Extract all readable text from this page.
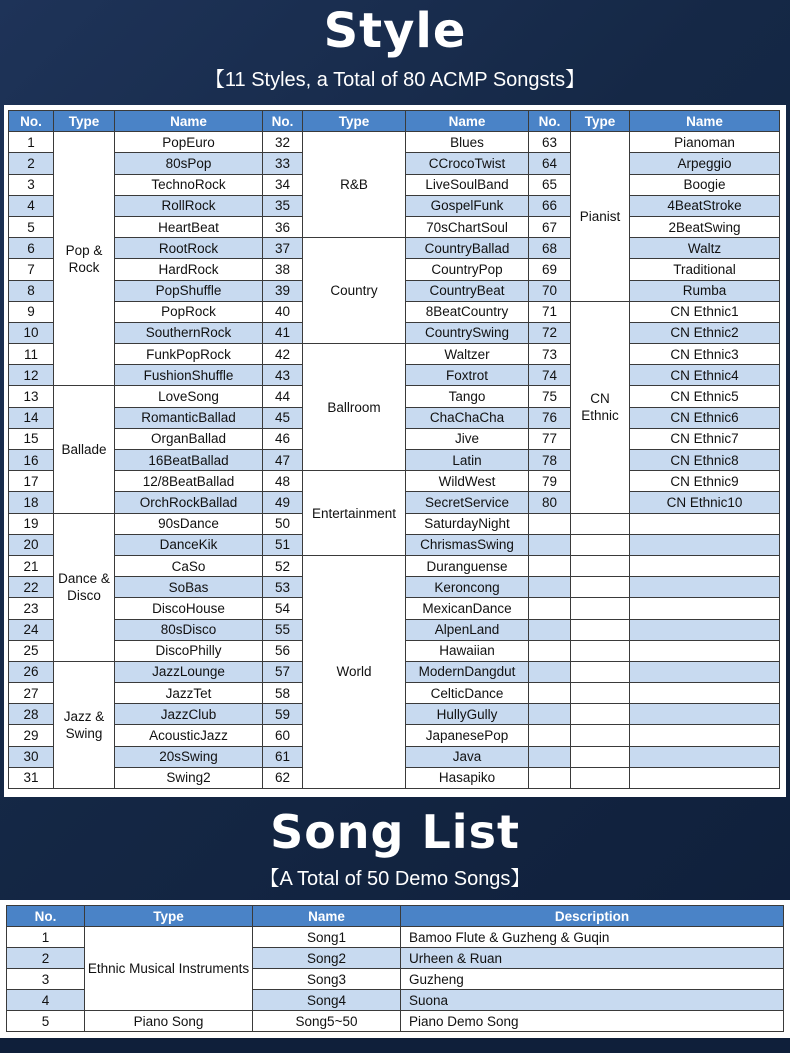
Style
【11 Styles, a Total of 80 ACMP Songsts】
No.	Type	Name	No.	Type	Name	No.	Type	Name
1	Pop & Rock	PopEuro	32	R&B	Blues	63	Pianist	Pianoman
2		80sPop	33		CCrocoTwist	64		Arpeggio
3		TechnoRock	34		LiveSoulBand	65		Boogie
4		RollRock	35		GospelFunk	66		4BeatStroke
5		HeartBeat	36		70sChartSoul	67		2BeatSwing
6		RootRock	37	Country	CountryBallad	68		Waltz
7		HardRock	38		CountryPop	69		Traditional
8		PopShuffle	39		CountryBeat	70		Rumba
9		PopRock	40		8BeatCountry	71	CN Ethnic	CN Ethnic1
10		SouthernRock	41		CountrySwing	72		CN Ethnic2
11		FunkPopRock	42	Ballroom	Waltzer	73		CN Ethnic3
12		FushionShuffle	43		Foxtrot	74		CN Ethnic4
13	Ballade	LoveSong	44		Tango	75		CN Ethnic5
14		RomanticBallad	45		ChaChaCha	76		CN Ethnic6
15		OrganBallad	46		Jive	77		CN Ethnic7
16		16BeatBallad	47		Latin	78		CN Ethnic8
17		12/8BeatBallad	48	Entertainment	WildWest	79		CN Ethnic9
18		OrchRockBallad	49		SecretService	80		CN Ethnic10
19	Dance & Disco	90sDance	50		SaturdayNight			
20		DanceKik	51		ChrismasSwing			
21		CaSo	52	World	Duranguense			
22		SoBas	53		Keroncong			
23		DiscoHouse	54		MexicanDance			
24		80sDisco	55		AlpenLand			
25		DiscoPhilly	56		Hawaiian			
26	Jazz & Swing	JazzLounge	57		ModernDangdut			
27		JazzTet	58		CelticDance			
28		JazzClub	59		HullyGully			
29		AcousticJazz	60		JapanesePop			
30		20sSwing	61		Java			
31		Swing2	62		Hasapiko			
Song List
【A Total of 50 Demo Songs】
No.	Type	Name	Description
1	Ethnic Musical Instruments	Song1	Bamoo Flute & Guzheng & Guqin
2		Song2	Urheen & Ruan
3		Song3	Guzheng
4		Song4	Suona
5	Piano Song	Song5~50	Piano Demo Song
